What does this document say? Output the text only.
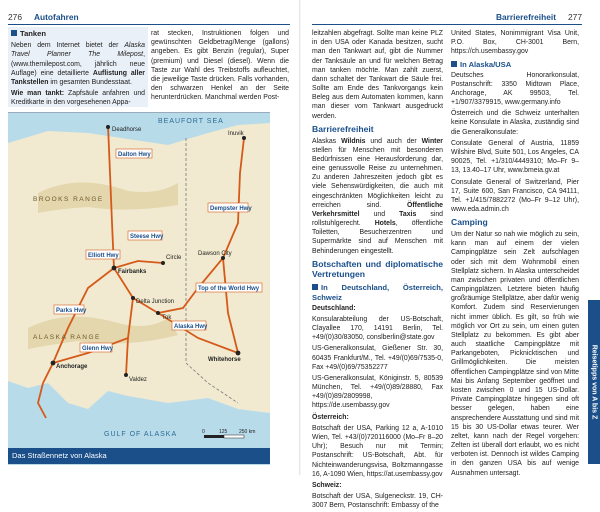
276 Autofahren

Tanken

Neben dem Internet bietet der Alaska Travel Planner The Milepost, (www.themilepost.com, jährlich neue Auflage) eine detaillierte Auflistung aller Tankstellen im gesamten Bundesstaat.

Wie man tankt: Zapfsäule anfahren und Kreditkarte in den vorgesehenen Appa-

rat stecken, Instruktionen folgen und gewünschten Geldbetrag/Menge (gallons) angeben. Es gibt Benzin (regular), Super (premium) und Diesel (diesel). Wenn die Taste zur Wahl des Treibstoffs aufleuchtet, die jeweilige Taste drücken. Falls vorhanden, den schwarzen Henkel an der Seite herunterdrücken. Manchmal werden Post-

BEAUFORT SEA
GULF OF ALASKA
BROOKS RANGE
ALASKA RANGE
Deadhorse
Dalton Hwy
Fairbanks
Delta Junction
Tok
Anchorage
Valdez
Dawson City
Whitehorse
Inuvik
Circle
Steese Hwy
Elliott Hwy
Parks Hwy
Alaska Hwy
Dempster Hwy
Top of the World Hwy
Glenn Hwy
0	125 250 km
Das Straßennetz von Alaska
Barrierefreiheit 277

leitzahlen abgefragt. Sollte man keine PLZ in den USA oder Kanada besitzen, sucht man den Tankwart auf, gibt die Nummer der Tanksäule an und für welchen Betrag man tanken möchte. Man zahlt zuerst, dann schaltet der Tankwart die Säule frei. Sollte am Ende des Tankvorgangs kein Beleg aus dem Automaten kommen, kann man dieser vom Tankwart ausgedruckt werden.

Barrierefreiheit

Alaskas Wildnis und auch der Winter stellen für Menschen mit besonderen Bedürfnissen eine Herausforderung dar, eine genussvolle Reise zu unternehmen. Zu anderen Jahreszeiten jedoch gibt es viele Sehenswürdigkeiten, die auch mit eingeschränkten Möglichkeiten leicht zu erreichen sind. Öffentliche Verkehrsmittel und Taxis sind rollstuhlgerecht. Hotels, öffentliche Toiletten, Besucherzentren und Supermärkte sind auf Menschen mit Behinderungen eingestellt.

Botschaften und diplomatische Vertretungen
In Deutschland, Österreich, Schweiz

Deutschland:

Konsularabteilung der US-Botschaft, Clayallee 170, 14191 Berlin, Tel. +49/(0)30/83050, conslberlin@state.gov

US-Generalkonsulat, Gießener Str. 30, 60435 Frankfurt/M., Tel. +49/(0)69/7535-0, Fax +49/(0)69/75352277

US-Generalkonsulat, Königinstr. 5, 80539 München, Tel. +49/(0)89/28880, Fax +49/(0)89/2809998, https://de.usembassy.gov

Österreich:

Botschaft der USA, Parking 12 a, A-1010 Wien, Tel. +43/(0)720116000 (Mo–Fr 8–20 Uhr); Besuch nur mit Termin; Postanschrift: US-Botschaft, Abt. für Nichteinwanderungsvisa, Boltzmanngasse 16, A-1090 Wien, https://at.usembassy.gov

Schweiz:

Botschaft der USA, Sulgeneckstr. 19, CH-3007 Bern, Postanschrift: Embassy of the

United States, Nonimmigrant Visa Unit, P.O. Box, CH-3001 Bern, https://ch.usembassy.gov

In Alaska/USA

Deutsches Honorarkonsulat, Postanschrift: 3350 Midtown Place, Anchorage, AK 99503, Tel. +1/907/3379915, www.germany.info

Österreich und die Schweiz unterhalten keine Konsulate in Alaska, zuständig sind die Generalkonsulate:

Consulate General of Austria, 11859 Wilshire Blvd, Suite 501, Los Angeles, CA 90025, Tel. +1/310/4449310; Mo–Fr 9–13, 13.40–17 Uhr, www.bmeia.gv.at

Consulate General of Switzerland, Pier 17, Suite 600, San Francisco, CA 94111, Tel. +1/415/7882272 (Mo–Fr 9–12 Uhr), www.eda.admin.ch

Camping

Um der Natur so nah wie möglich zu sein, kann man auf einem der vielen Campingplätze sein Zelt aufschlagen oder sich mit dem Wohnmobil einen Stellplatz sichern. In Alaska unterscheidet man zwischen privaten und öffentlichen Campingplätzen. Letztere bieten häufig großräumige Stellplätze, aber dafür wenig Komfort. Zudem sind Reservierungen nicht immer üblich. Es gilt, so früh wie möglich vor Ort zu sein, um einen guten Stellplatz zu bekommen. Es gibt aber auch staatliche Campingplätze mit Parkangeboten, Picknicktischen und Grillmöglichkeiten. Die meisten öffentlichen Campingplätze sind von Mitte Mai bis Anfang September geöffnet und kosten zwischen 0 und 15 US-Dollar. Private Campingplätze hingegen sind oft besser gelegen, haben eine ansprechendere Ausstattung und sind mit 15 bis 30 US-Dollar etwas teurer. Wer zeltet, kann nach der Regel vorgehen: Zelten ist überall dort erlaubt, wo es nicht verboten ist. Dennoch ist wildes Camping in den ganzen USA bis auf wenige Ausnahmen untersagt.

Reisetipps von A bis Z
